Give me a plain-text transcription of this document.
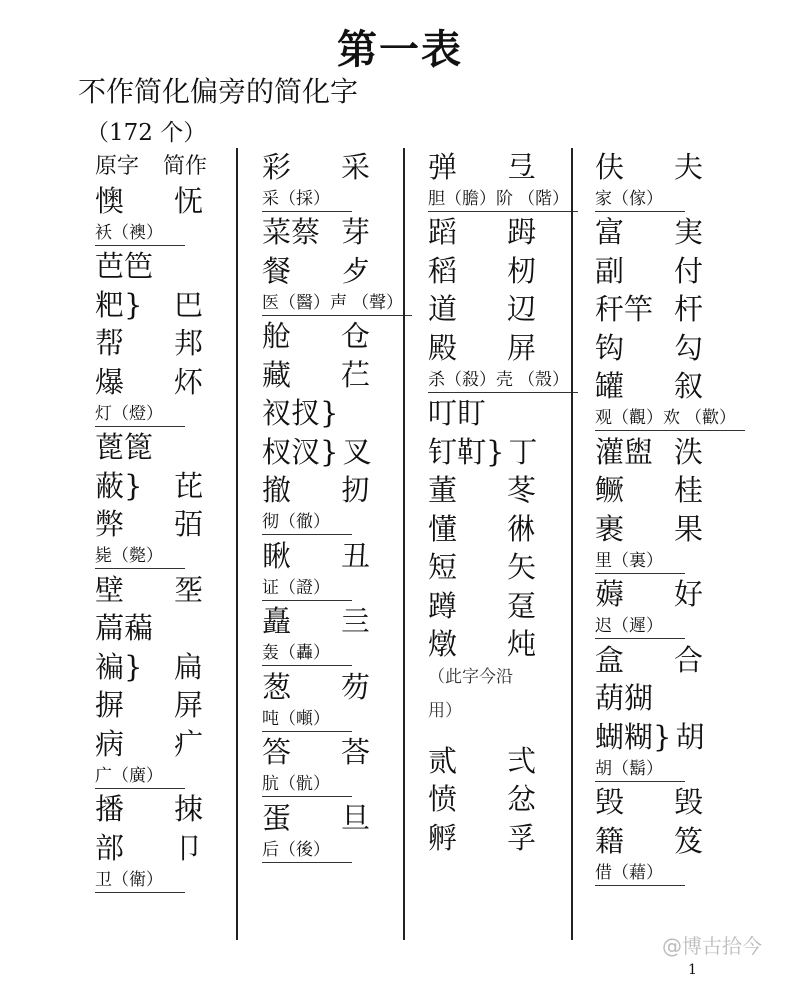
第一表
不作简化偏旁的简化字
（172 个）
原字 简作
懊 怃
袄（襖）
芭笆
粑} 巴
帮 邦
爆 炋
灯（燈）
蓖篦
蔽} 芘
弊 㢶
毙（斃）
壁 㘸
萹藊
褊} 扁
摒 屏
病 疒
广（廣）
播 拺
部 卩
卫（衛）
彩 采
采（採）
菜蔡 芽
餐 歺
医（醫）声 （聲）
舱 仓
藏 芢
衩扠}
杈汊} 叉
撤 扨
彻（徹）
瞅 丑
证（證）
矗 亖
轰（轟）
葱 芴
吨（噸）
答 荅
肮（骯）
蛋 旦
后（後）
弹 弖
胆（膽）阶 （階）
蹈 𧿹
稻 杒
道 辺
殿 屏
杀（殺）壳 （殼）
叮盯
钉靪} 丁
董 苳
懂 㣩
短 矢
蹲 趸
燉 炖
（此字今沿

用）

贰 弍
愤 忿
孵 孚
伕 夫
家（傢）
富 実
副 付
秆竿 杆
钩 勾
罐 叙
观（觀）欢 （歡）
灌盥 泆
鳜 桂
裹 果
里（裏）
薅 好
迟（遲）
盒 合
葫猢
蝴糊} 胡
胡（鬍）
毁 毁
籍 笈
借（藉）
@博古拾今
1
